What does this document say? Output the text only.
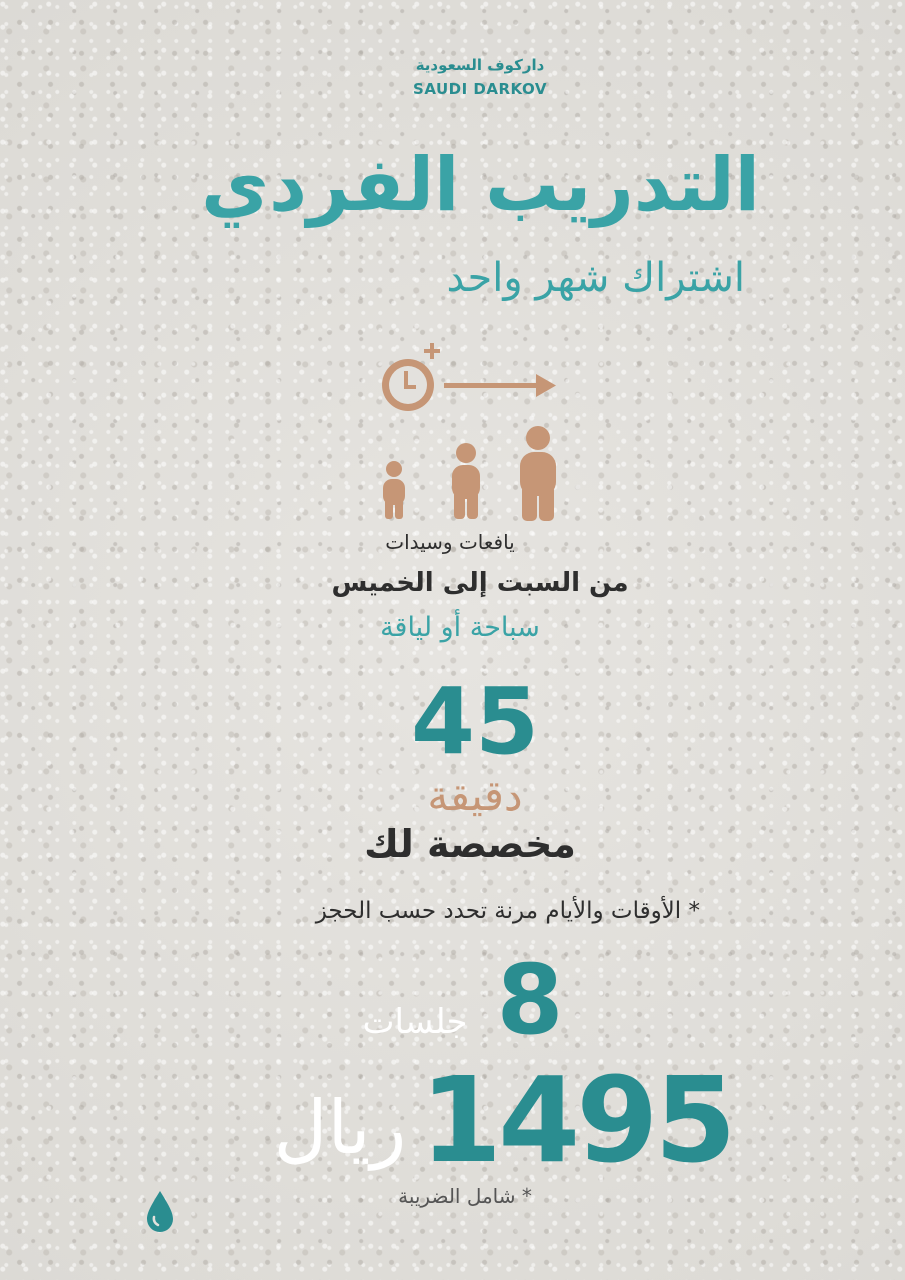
داركوف السعودية
SAUDI DARKOV
التدريب الفردي
اشتراك شهر واحد
يافعات وسيدات
من السبت إلى الخميس
سباحة أو لياقة
45
دقيقة
مخصصة لك
* الأوقات والأيام مرنة تحدد حسب الحجز
8
جلسات
1495
ريال
* شامل الضريبة
